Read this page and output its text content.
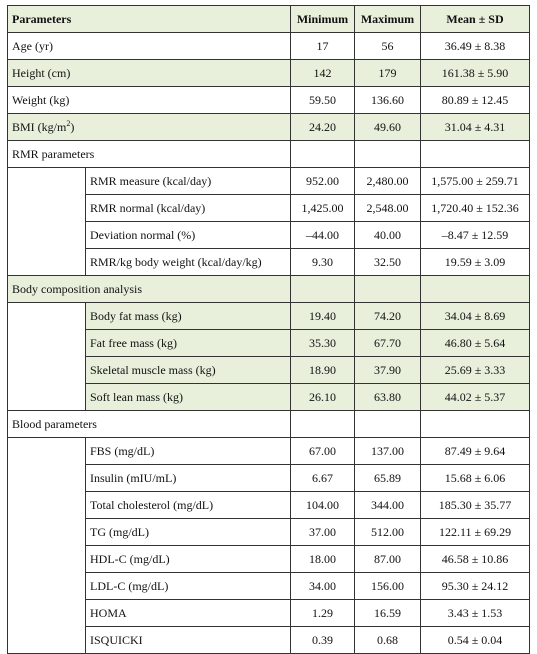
Parameters		Minimum	Maximum	Mean ± SD
Age (yr)		17	56	36.49 ± 8.38
Height (cm)		142	179	161.38 ± 5.90
Weight (kg)		59.50	136.60	80.89 ± 12.45
BMI $(kg/m^2)$		24.20	49.60	31.04 ± 4.31
RMR parameters				
	RMR measure (kcal/day)	952.00	2,480.00	1,575.00 ± 259.71
	RMR normal (kcal/day)	1,425.00	2,548.00	1,720.40 ± 152.36
	Deviation normal (%)	–44.00	40.00	–8.47 ± 12.59
	RMR/kg body weight (kcal/day/kg)	9.30	32.50	19.59 ± 3.09
Body composition analysis				
	Body fat mass (kg)	19.40	74.20	34.04 ± 8.69
	Fat free mass (kg)	35.30	67.70	46.80 ± 5.64
	Skeletal muscle mass (kg)	18.90	37.90	25.69 ± 3.33
	Soft lean mass (kg)	26.10	63.80	44.02 ± 5.37
Blood parameters				
	FBS (mg/dL)	67.00	137.00	87.49 ± 9.64
	Insulin (mIU/mL)	6.67	65.89	15.68 ± 6.06
	Total cholesterol (mg/dL)	104.00	344.00	185.30 ± 35.77
	TG (mg/dL)	37.00	512.00	122.11 ± 69.29
	HDL-C (mg/dL)	18.00	87.00	46.58 ± 10.86
	LDL-C (mg/dL)	34.00	156.00	95.30 ± 24.12
	HOMA	1.29	16.59	3.43 ± 1.53
	ISQUICKI	0.39	0.68	0.54 ± 0.04
